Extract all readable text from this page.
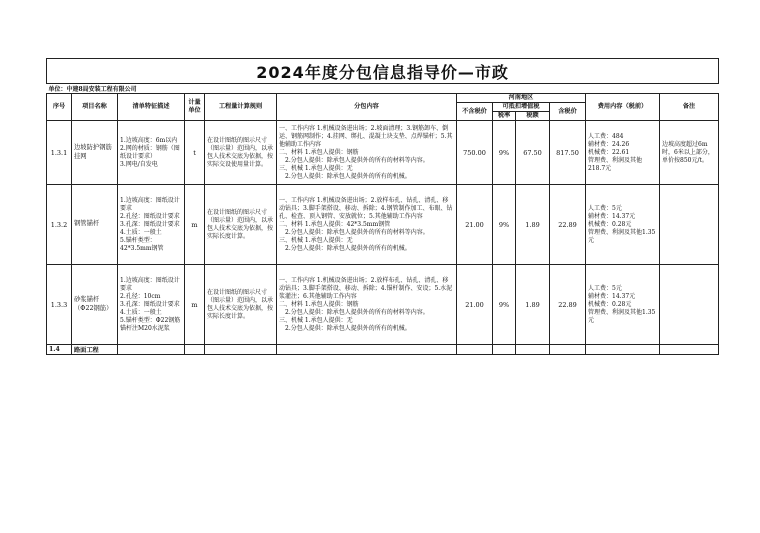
2024年度分包信息指导价—市政											
单位：中建8局安装工程有限公司											
序号	项目名称	清单特征描述	计量单位	工程量计算规则	分包内容	河南地区				费用内容（税前）	备注
						不含税价	可抵扣增值税		含税价		
							税率	税额			
1.3.1	边坡防护钢筋挂网	1.边坡高度：6m以内
2.网的材质：钢筋（图纸设计要求）
3.网电/自发电	t	在设计图纸的图示尺寸（图示量）范围内，以承包人技术交底为依据，按实际交设使用量计算。	一、工作内容 1.机械设备进出场；2.坡面清理；3.钢筋卸车、倒运、钢筋网制作；4.挂网、绑扎、混凝土块支垫、点焊锚杆；5.其他辅助工作内容
二、材料 1.承包人提供：钢筋
　2.分包人提供：除承包人提供外的所有的材料等内容。
三、机械 1.承包人提供：无
　2.分包人提供：除承包人提供外的所有的机械。	750.00	9%	67.50	817.50	人工费：484
辅材费：24.26
机械费：22.61
管理费、利润及其他218.7元	边坡高度超过6m时，6米以上部分，单价按850元/t。
1.3.2	钢管锚杆	1.边坡高度：图纸设计要求
2.孔径：图纸设计要求
3.孔深：图纸设计要求
4.土质：一般土
5.锚杆类型：42*3.5mm钢管	m	在设计图纸的图示尺寸（图示量）范围内，以承包人技术交底为依据，按实际长度计算。	一、工作内容 1.机械设备进出场；2.放样布孔、钻孔、清孔、移动钻具；3.脚手架搭设、移动、拆除；4.钢管制作加工、布眼、钻孔、检查、顶入钢管、安放就位；5.其他辅助工作内容
二、材料 1.承包人提供：42*3.5mm钢管
　2.分包人提供：除承包人提供外的所有的材料等内容。
三、机械 1.承包人提供：无
　2.分包人提供：除承包人提供外的所有的机械。	21.00	9%	1.89	22.89	人工费：5元
辅材费：14.37元
机械费：0.28元
管理费、利润及其他1.35元	

1.3.3	砂浆锚杆（Φ22钢筋）	1.边坡高度：图纸设计要求
2.孔径：10cm
3.孔深：图纸设计要求
4.土质：一般土
5.锚杆类型：Φ22钢筋锚杆注M20水泥浆	m	在设计图纸的图示尺寸（图示量）范围内，以承包人技术交底为依据，按实际长度计算。	一、工作内容 1.机械设备进出场；2.放样布孔、钻孔、清孔、移动钻具；3.脚手架搭设、移动、拆除；4.锚杆制作、安设；5.水泥浆灌注；6.其他辅助工作内容
二、材料 1.承包人提供：钢筋
　2.分包人提供：除承包人提供外的所有的材料等内容。
三、机械 1.承包人提供：无
　2.分包人提供：除承包人提供外的所有的机械。	21.00	9%	1.89	22.89	人工费：5元
辅材费：14.37元
机械费：0.28元
管理费、利润及其他1.35元	

1.4	路面工程										
